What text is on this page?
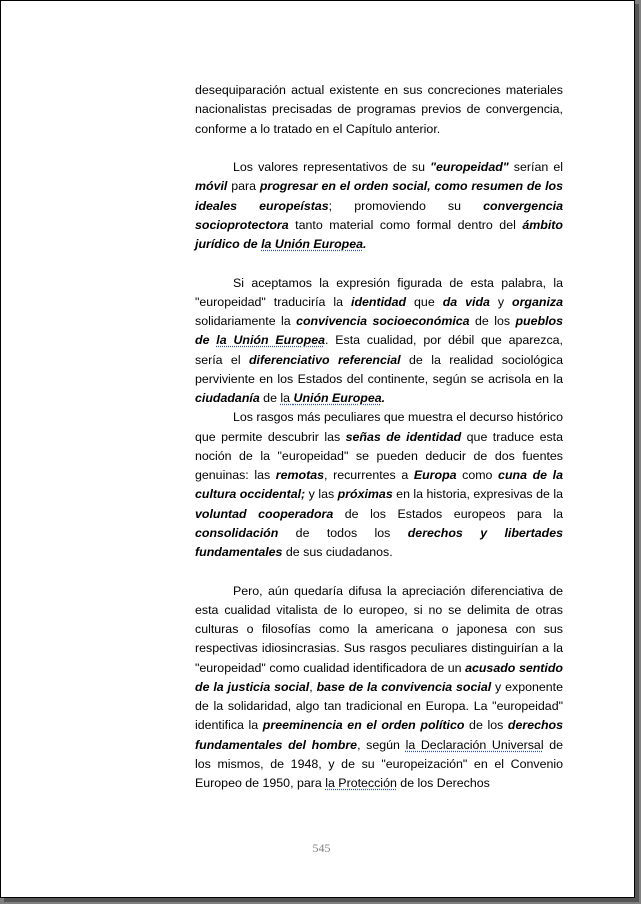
desequiparación actual existente en sus concreciones materiales nacionalistas precisadas de programas previos de convergencia, conforme a lo tratado en el Capítulo anterior.

Los valores representativos de su "europeidad" serían el móvil para progresar en el orden social, como resumen de los ideales europeístas; promoviendo su convergencia socioprotectora tanto material como formal dentro del ámbito jurídico de la Unión Europea.

Si aceptamos la expresión figurada de esta palabra, la "europeidad" traduciría la identidad que da vida y organiza solidariamente la convivencia socioeconómica de los pueblos de la Unión Europea. Esta cualidad, por débil que aparezca, sería el diferenciativo referencial de la realidad sociológica perviviente en los Estados del continente, según se acrisola en la ciudadanía de la Unión Europea.

Los rasgos más peculiares que muestra el decurso histórico que permite descubrir las señas de identidad que traduce esta noción de la "europeidad" se pueden deducir de dos fuentes genuinas: las remotas, recurrentes a Europa como cuna de la cultura occidental; y las próximas en la historia, expresivas de la voluntad cooperadora de los Estados europeos para la consolidación de todos los derechos y libertades fundamentales de sus ciudadanos.

Pero, aún quedaría difusa la apreciación diferenciativa de esta cualidad vitalista de lo europeo, si no se delimita de otras culturas o filosofías como la americana o japonesa con sus respectivas idiosincrasias. Sus rasgos peculiares distinguirían a la "europeidad" como cualidad identificadora de un acusado sentido de la justicia social, base de la convivencia social y exponente de la solidaridad, algo tan tradicional en Europa. La "europeidad" identifica la preeminencia en el orden político de los derechos fundamentales del hombre, según la Declaración Universal de los mismos, de 1948, y de su "europeización" en el Convenio Europeo de 1950, para la Protección de los Derechos

545
